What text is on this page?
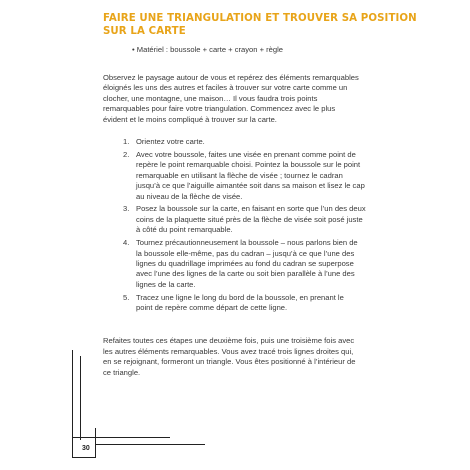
FAIRE UNE TRIANGULATION ET TROUVER SA POSITION
SUR LA CARTE
• Matériel : boussole + carte + crayon + règle
Observez le paysage autour de vous et repérez des éléments remarquables
éloignés les uns des autres et faciles à trouver sur votre carte comme un
clocher, une montagne, une maison… Il vous faudra trois points
remarquables pour faire votre triangulation. Commencez avec le plus
évident et le moins compliqué à trouver sur la carte.
1. Orientez votre carte.
2. Avec votre boussole, faites une visée en prenant comme point de
repère le point remarquable choisi. Pointez la boussole sur le point
remarquable en utilisant la flèche de visée ; tournez le cadran
jusqu’à ce que l’aiguille aimantée soit dans sa maison et lisez le cap
au niveau de la flèche de visée.
3. Posez la boussole sur la carte, en faisant en sorte que l’un des deux
coins de la plaquette situé près de la flèche de visée soit posé juste
à côté du point remarquable.
4. Tournez précautionneusement la boussole – nous parlons bien de
la boussole elle-même, pas du cadran – jusqu’à ce que l’une des
lignes du quadrillage imprimées au fond du cadran se superpose
avec l’une des lignes de la carte ou soit bien parallèle à l’une des
lignes de la carte.
5. Tracez une ligne le long du bord de la boussole, en prenant le
point de repère comme départ de cette ligne.
Refaites toutes ces étapes une deuxième fois, puis une troisième fois avec
les autres éléments remarquables. Vous avez tracé trois lignes droites qui,
en se rejoignant, formeront un triangle. Vous êtes positionné à l’intérieur de
ce triangle.
30
